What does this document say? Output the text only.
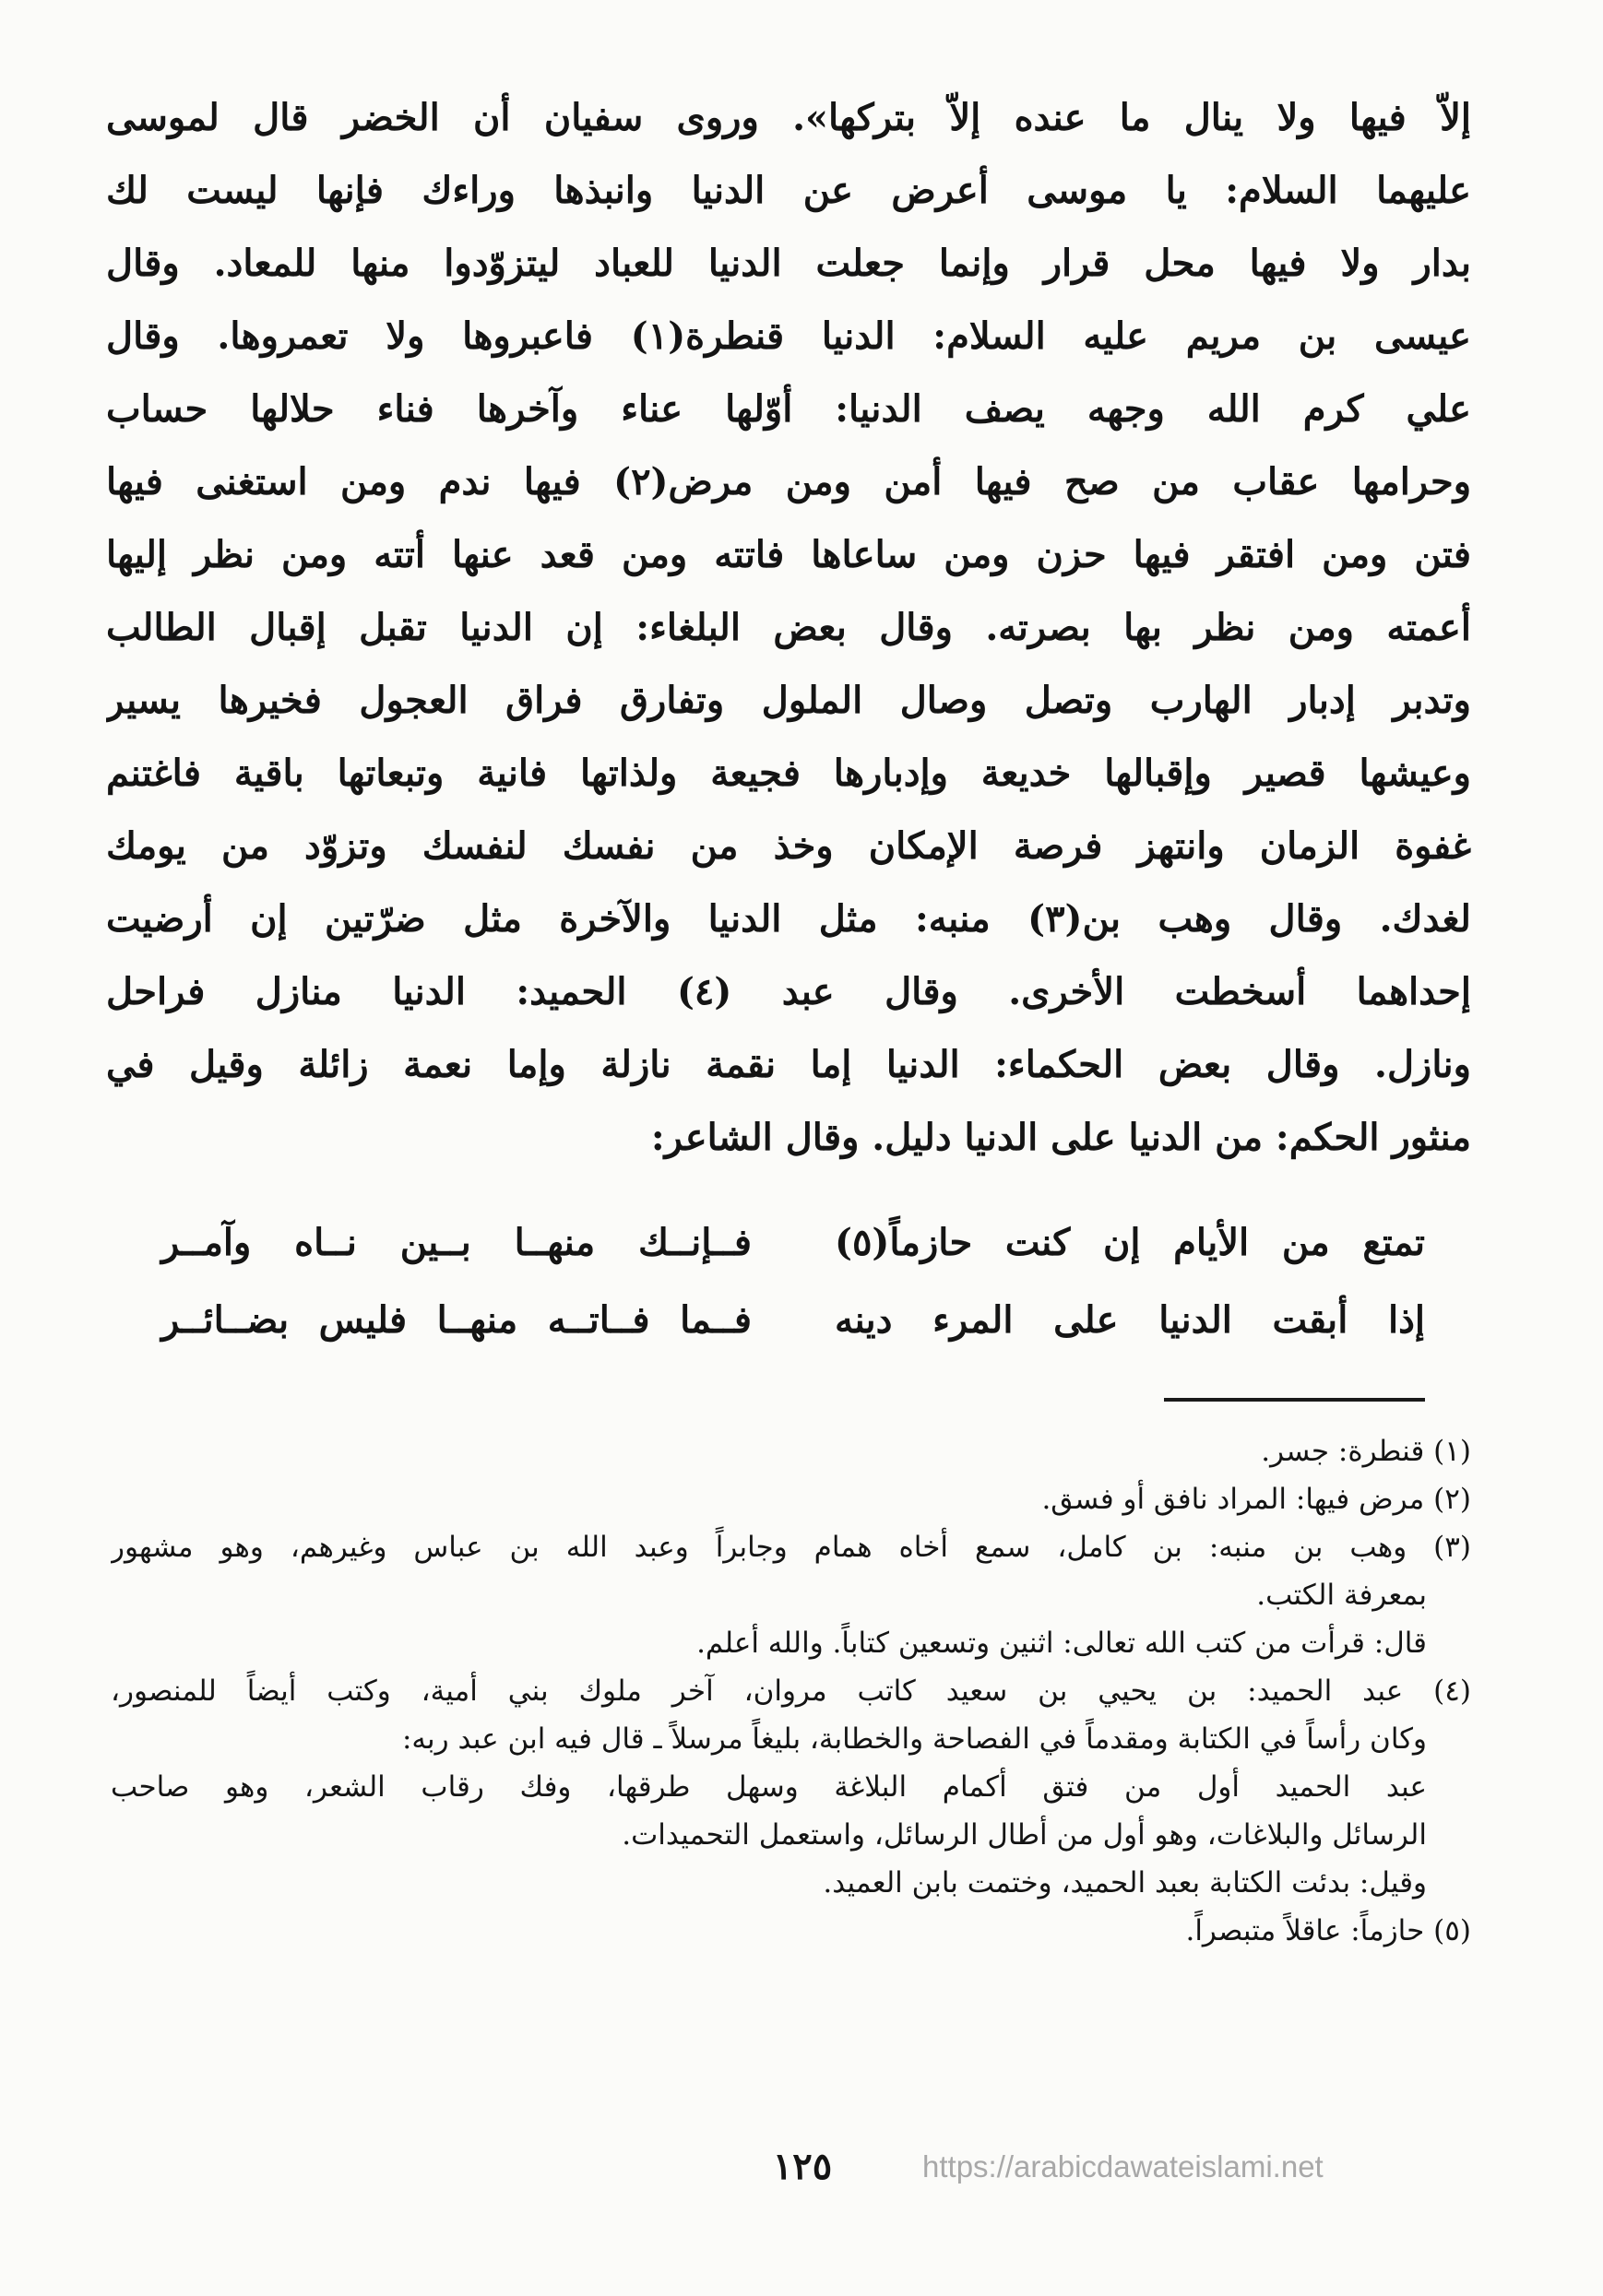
إلاّ فيها ولا ينال ما عنده إلاّ بتركها». وروى سفيان أن الخضر قال لموسى
عليهما السلام: يا موسى أعرض عن الدنيا وانبذها وراءك فإنها ليست لك
بدار ولا فيها محل قرار وإنما جعلت الدنيا للعباد ليتزوّدوا منها للمعاد. وقال
عيسى بن مريم عليه السلام: الدنيا قنطرة(١) فاعبروها ولا تعمروها. وقال
علي كرم الله وجهه يصف الدنيا: أوّلها عناء وآخرها فناء حلالها حساب
وحرامها عقاب من صح فيها أمن ومن مرض(٢) فيها ندم ومن استغنى فيها
فتن ومن افتقر فيها حزن ومن ساعاها فاتته ومن قعد عنها أتته ومن نظر إليها
أعمته ومن نظر بها بصرته. وقال بعض البلغاء: إن الدنيا تقبل إقبال الطالب
وتدبر إدبار الهارب وتصل وصال الملول وتفارق فراق العجول فخيرها يسير
وعيشها قصير وإقبالها خديعة وإدبارها فجيعة ولذاتها فانية وتبعاتها باقية فاغتنم
غفوة الزمان وانتهز فرصة الإمكان وخذ من نفسك لنفسك وتزوّد من يومك
لغدك. وقال وهب بن(٣) منبه: مثل الدنيا والآخرة مثل ضرّتين إن أرضيت
إحداهما أسخطت الأخرى. وقال عبد (٤) الحميد: الدنيا منازل فراحل
ونازل. وقال بعض الحكماء: الدنيا إما نقمة نازلة وإما نعمة زائلة وقيل في
منثور الحكم: من الدنيا على الدنيا دليل. وقال الشاعر:
تمتع من الأيام إن كنت حازماً(٥)
فــإنــك منهــا بــين نــاه وآمــر
إذا أبقت الدنيا على المرء دينه
فــما فــاتــه منهــا فليس بضــائــر
(١) قنطرة: جسر.
(٢) مرض فيها: المراد نافق أو فسق.
(٣) وهب بن منبه: بن كامل، سمع أخاه همام وجابراً وعبد الله بن عباس وغيرهم، وهو مشهور
بمعرفة الكتب.
قال: قرأت من كتب الله تعالى: اثنين وتسعين كتاباً. والله أعلم.
(٤) عبد الحميد: بن يحيي بن سعيد كاتب مروان، آخر ملوك بني أمية، وكتب أيضاً للمنصور،
وكان رأساً في الكتابة ومقدماً في الفصاحة والخطابة، بليغاً مرسلاً ـ قال فيه ابن عبد ربه:
عبد الحميد أول من فتق أكمام البلاغة وسهل طرقها، وفك رقاب الشعر، وهو صاحب
الرسائل والبلاغات، وهو أول من أطال الرسائل، واستعمل التحميدات.
وقيل: بدئت الكتابة بعبد الحميد، وختمت بابن العميد.
(٥) حازماً: عاقلاً متبصراً.
١٢٥	https://arabicdawateislami.net
